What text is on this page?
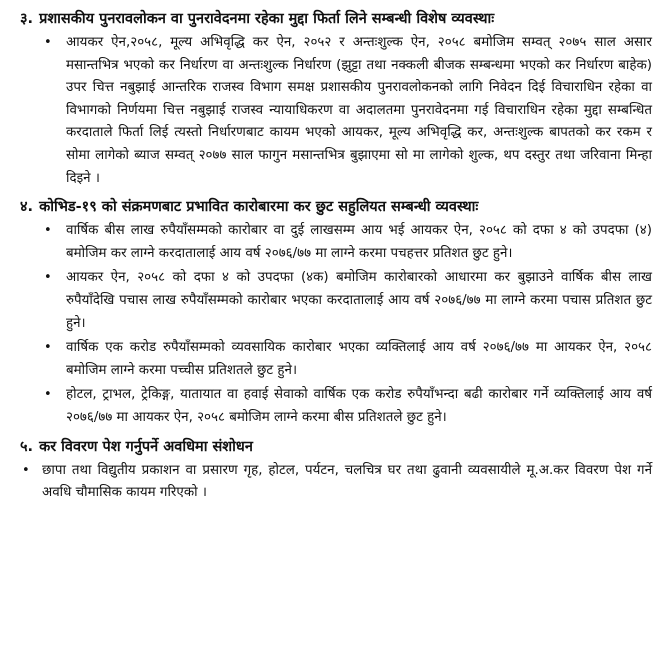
३. प्रशासकीय पुनरावलोकन वा पुनरावेदनमा रहेका मुद्दा फिर्ता लिने सम्बन्धी विशेष व्यवस्थाः
• आयकर ऐन,२०५८, मूल्य अभिवृद्धि कर ऐन, २०५२ र अन्तःशुल्क ऐन, २०५८ बमोजिम सम्वत् २०७५ साल असार मसान्तभित्र भएको कर निर्धारण वा अन्तःशुल्क निर्धारण (झुट्टा तथा नक्कली बीजक सम्बन्धमा भएको कर निर्धारण बाहेक) उपर चित्त नबुझाई आन्तरिक राजस्व विभाग समक्ष प्रशासकीय पुनरावलोकनको लागि निवेदन दिई विचाराधिन रहेका वा विभागको निर्णयमा चित्त नबुझाई राजस्व न्यायाधिकरण वा अदालतमा पुनरावेदनमा गई विचाराधिन रहेका मुद्दा सम्बन्धित करदाताले फिर्ता लिई त्यस्तो निर्धारणबाट कायम भएको आयकर, मूल्य अभिवृद्धि कर, अन्तःशुल्क बापतको कर रकम र सोमा लागेको ब्याज सम्वत् २०७७ साल फागुन मसान्तभित्र बुझाएमा सो मा लागेको शुल्क, थप दस्तुर तथा जरिवाना मिन्हा दिइने ।
४. कोभिड-१९ को संक्रमणबाट प्रभावित कारोबारमा कर छुट सहुलियत सम्बन्धी व्यवस्थाः
• वार्षिक बीस लाख रुपैयाँसम्मको कारोबार वा दुई लाखसम्म आय भई आयकर ऐन, २०५८ को दफा ४ को उपदफा (४) बमोजिम कर लाग्ने करदातालाई आय वर्ष २०७६/७७ मा लाग्ने करमा पचहत्तर प्रतिशत छुट हुने।
• आयकर ऐन, २०५८ को दफा ४ को उपदफा (४क) बमोजिम कारोबारको आधारमा कर बुझाउने वार्षिक बीस लाख रुपैयाँदेखि पचास लाख रुपैयाँसम्मको कारोबार भएका करदातालाई आय वर्ष २०७६/७७ मा लाग्ने करमा पचास प्रतिशत छुट हुने।
• वार्षिक एक करोड रुपैयाँसम्मको व्यवसायिक कारोबार भएका व्यक्तिलाई आय वर्ष २०७६/७७ मा आयकर ऐन, २०५८ बमोजिम लाग्ने करमा पच्चीस प्रतिशतले छुट हुने।
• होटल, ट्राभल, ट्रेकिङ्ग, यातायात वा हवाई सेवाको वार्षिक एक करोड रुपैयाँभन्दा बढी कारोबार गर्ने व्यक्तिलाई आय वर्ष २०७६/७७ मा आयकर ऐन, २०५८ बमोजिम लाग्ने करमा बीस प्रतिशतले छुट हुने।
५. कर विवरण पेश गर्नुपर्ने अवधिमा संशोधन
• छापा तथा विद्युतीय प्रकाशन वा प्रसारण गृह, होटल, पर्यटन, चलचित्र घर तथा ढुवानी व्यवसायीले मू.अ.कर विवरण पेश गर्ने अवधि चौमासिक कायम गरिएको ।
